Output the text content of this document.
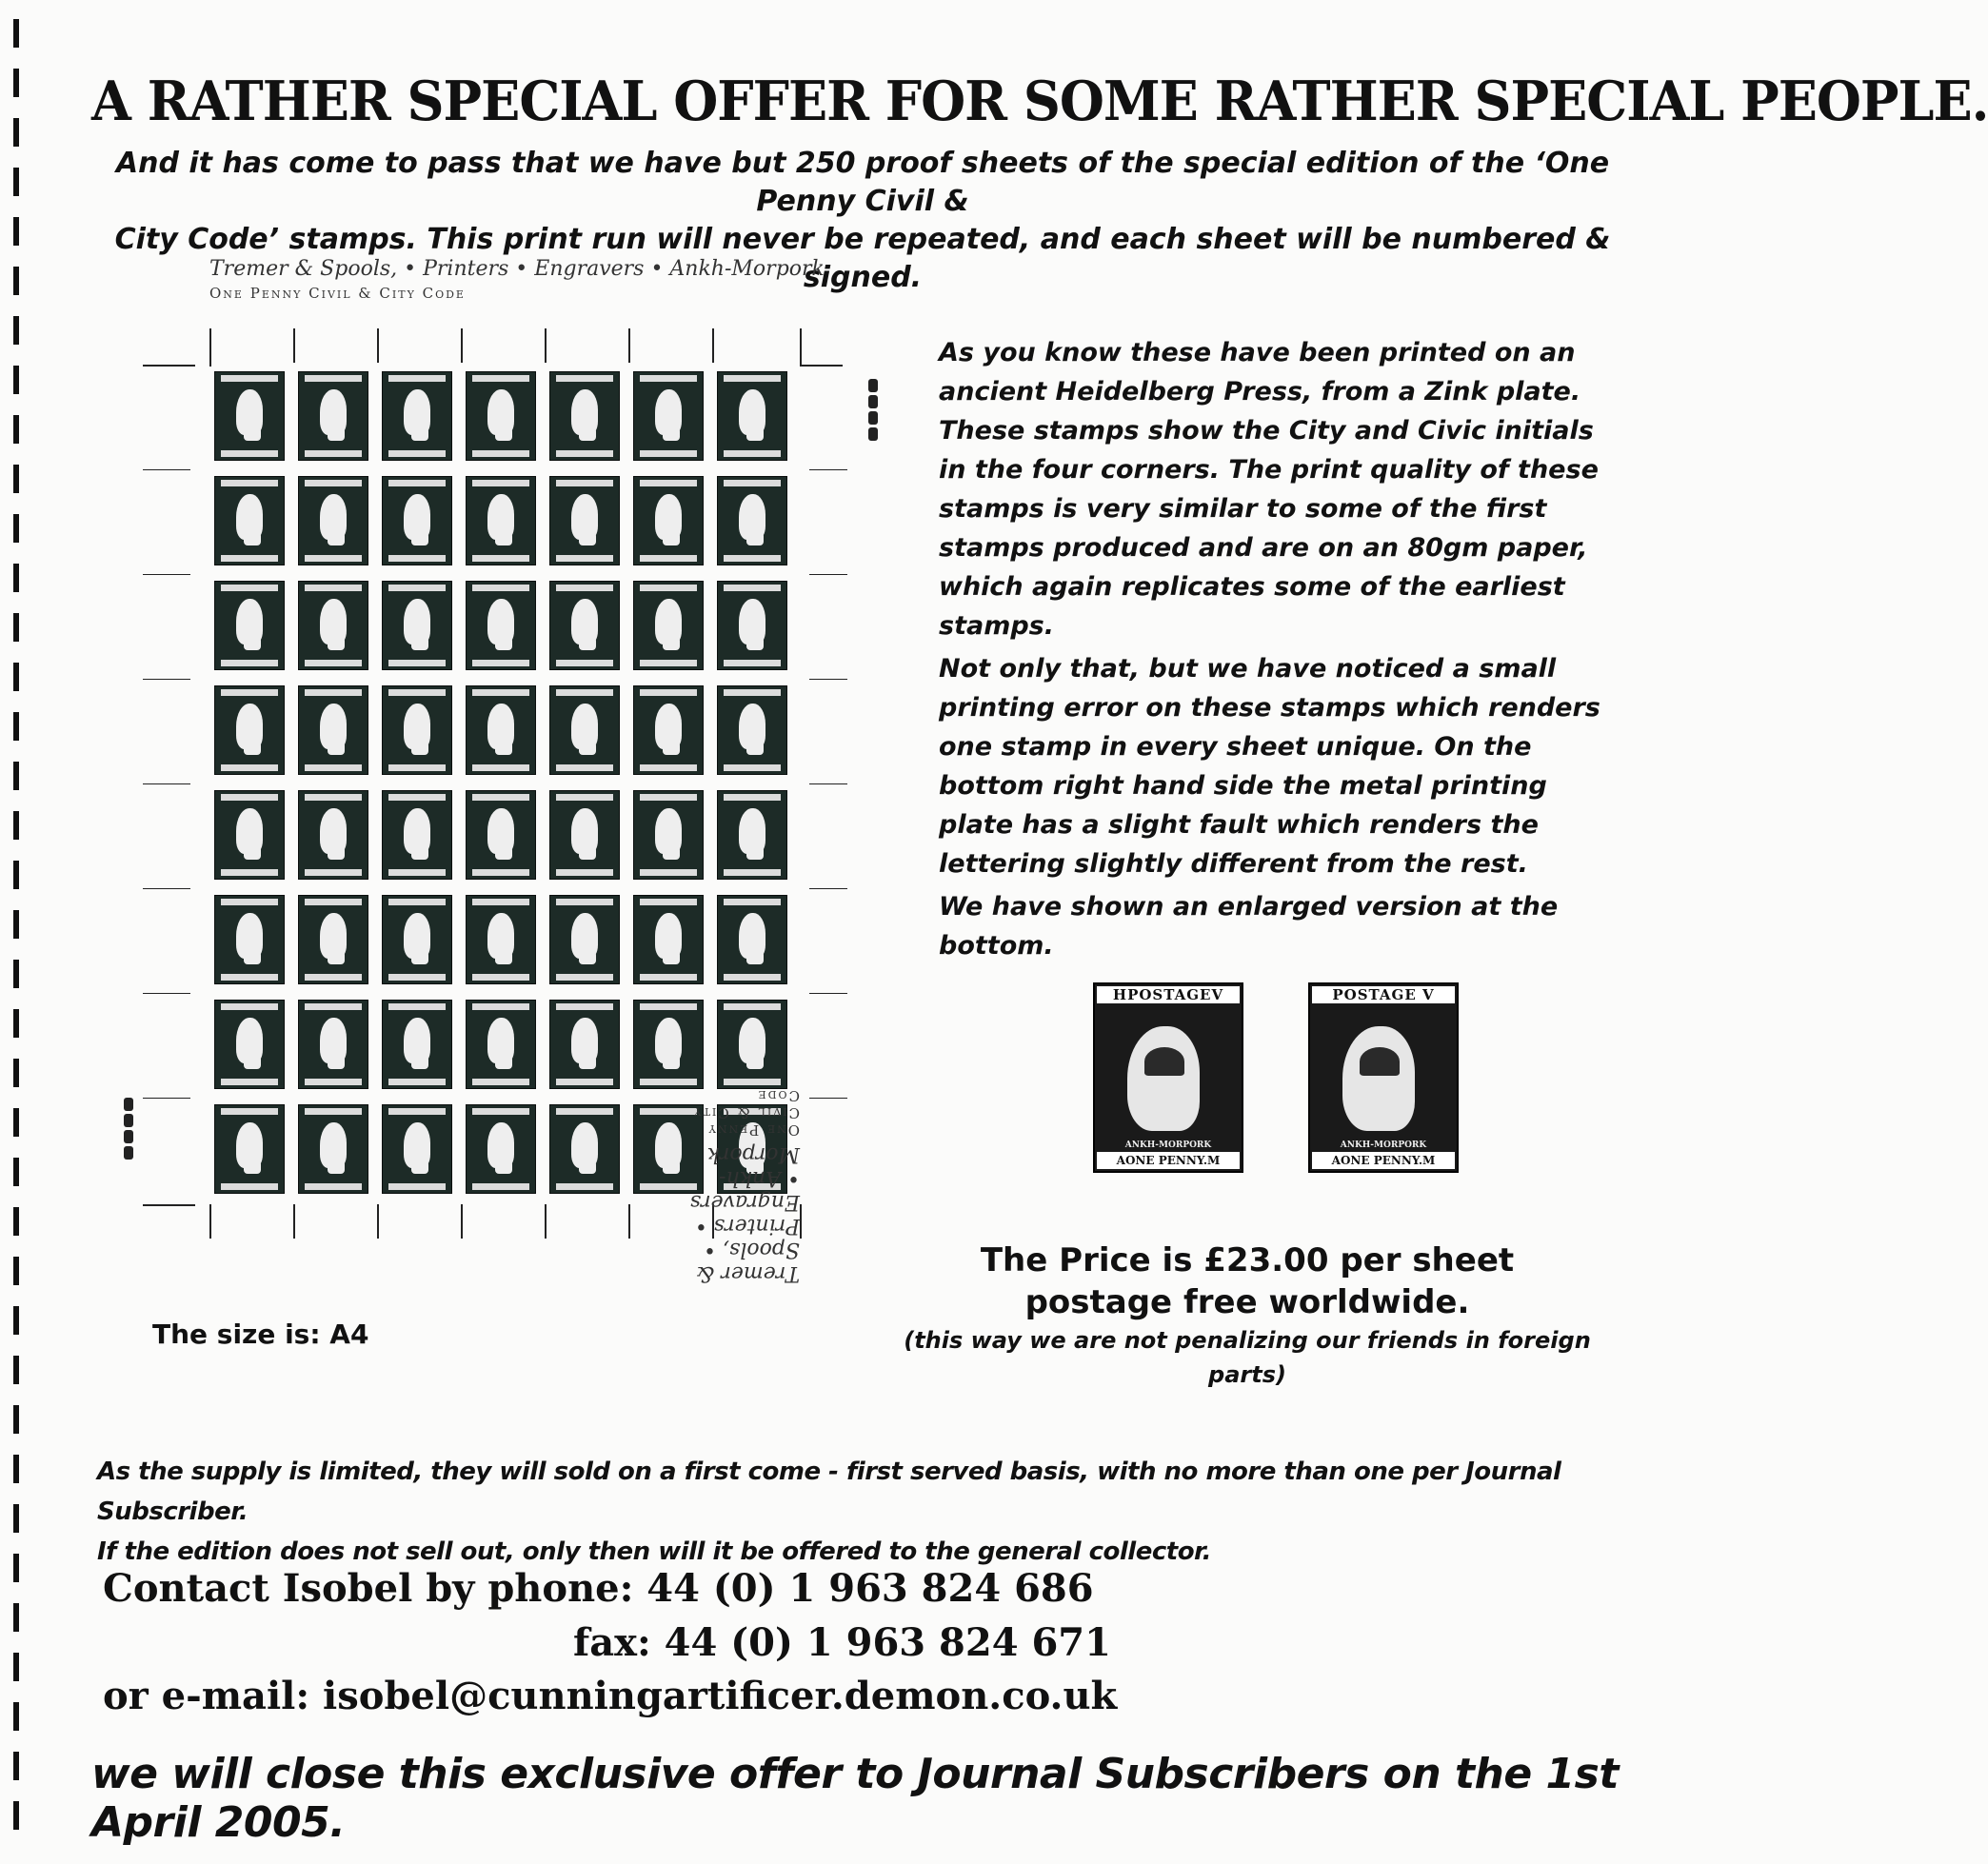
A RATHER SPECIAL OFFER FOR SOME RATHER SPECIAL PEOPLE.
And it has come to pass that we have but 250 proof sheets of the special edition of the ‘One Penny Civil &
City Code’ stamps. This print run will never be repeated, and each sheet will be numbered & signed.
Tremer & Spools, • Printers • Engravers • Ankh-Morpork
One Penny Civil & City Code
Tremer & Spools, • Printers • Engravers • Ankh-Morpork
One Penny Civil & City Code
The size is: A4

As you know these have been printed on an ancient Heidelberg Press, from a Zink plate. These stamps show the City and Civic initials in the four corners. The print quality of these stamps is very similar to some of the first stamps produced and are on an 80gm paper, which again replicates some of the earliest stamps.

Not only that, but we have noticed a small printing error on these stamps which renders one stamp in every sheet unique. On the bottom right hand side the metal printing plate has a slight fault which renders the lettering slightly different from the rest.

We have shown an enlarged version at the bottom.

HPOSTAGEV
ANKH-MORPORK
AONE PENNY.M
POSTAGE V
ANKH-MORPORK
AONE PENNY.M
The Price is £23.00 per sheet
postage free worldwide.
(this way we are not penalizing our friends in foreign parts)
As the supply is limited, they will sold on a first come - first served basis, with no more than one per Journal Subscriber.
If the edition does not sell out, only then will it be offered to the general collector.
Contact Isobel by phone: 44 (0) 1 963 824 686
fax: 44 (0) 1 963 824 671
or e-mail: isobel@cunningartificer.demon.co.uk
we will close this exclusive offer to Journal Subscribers on the 1st April 2005.
